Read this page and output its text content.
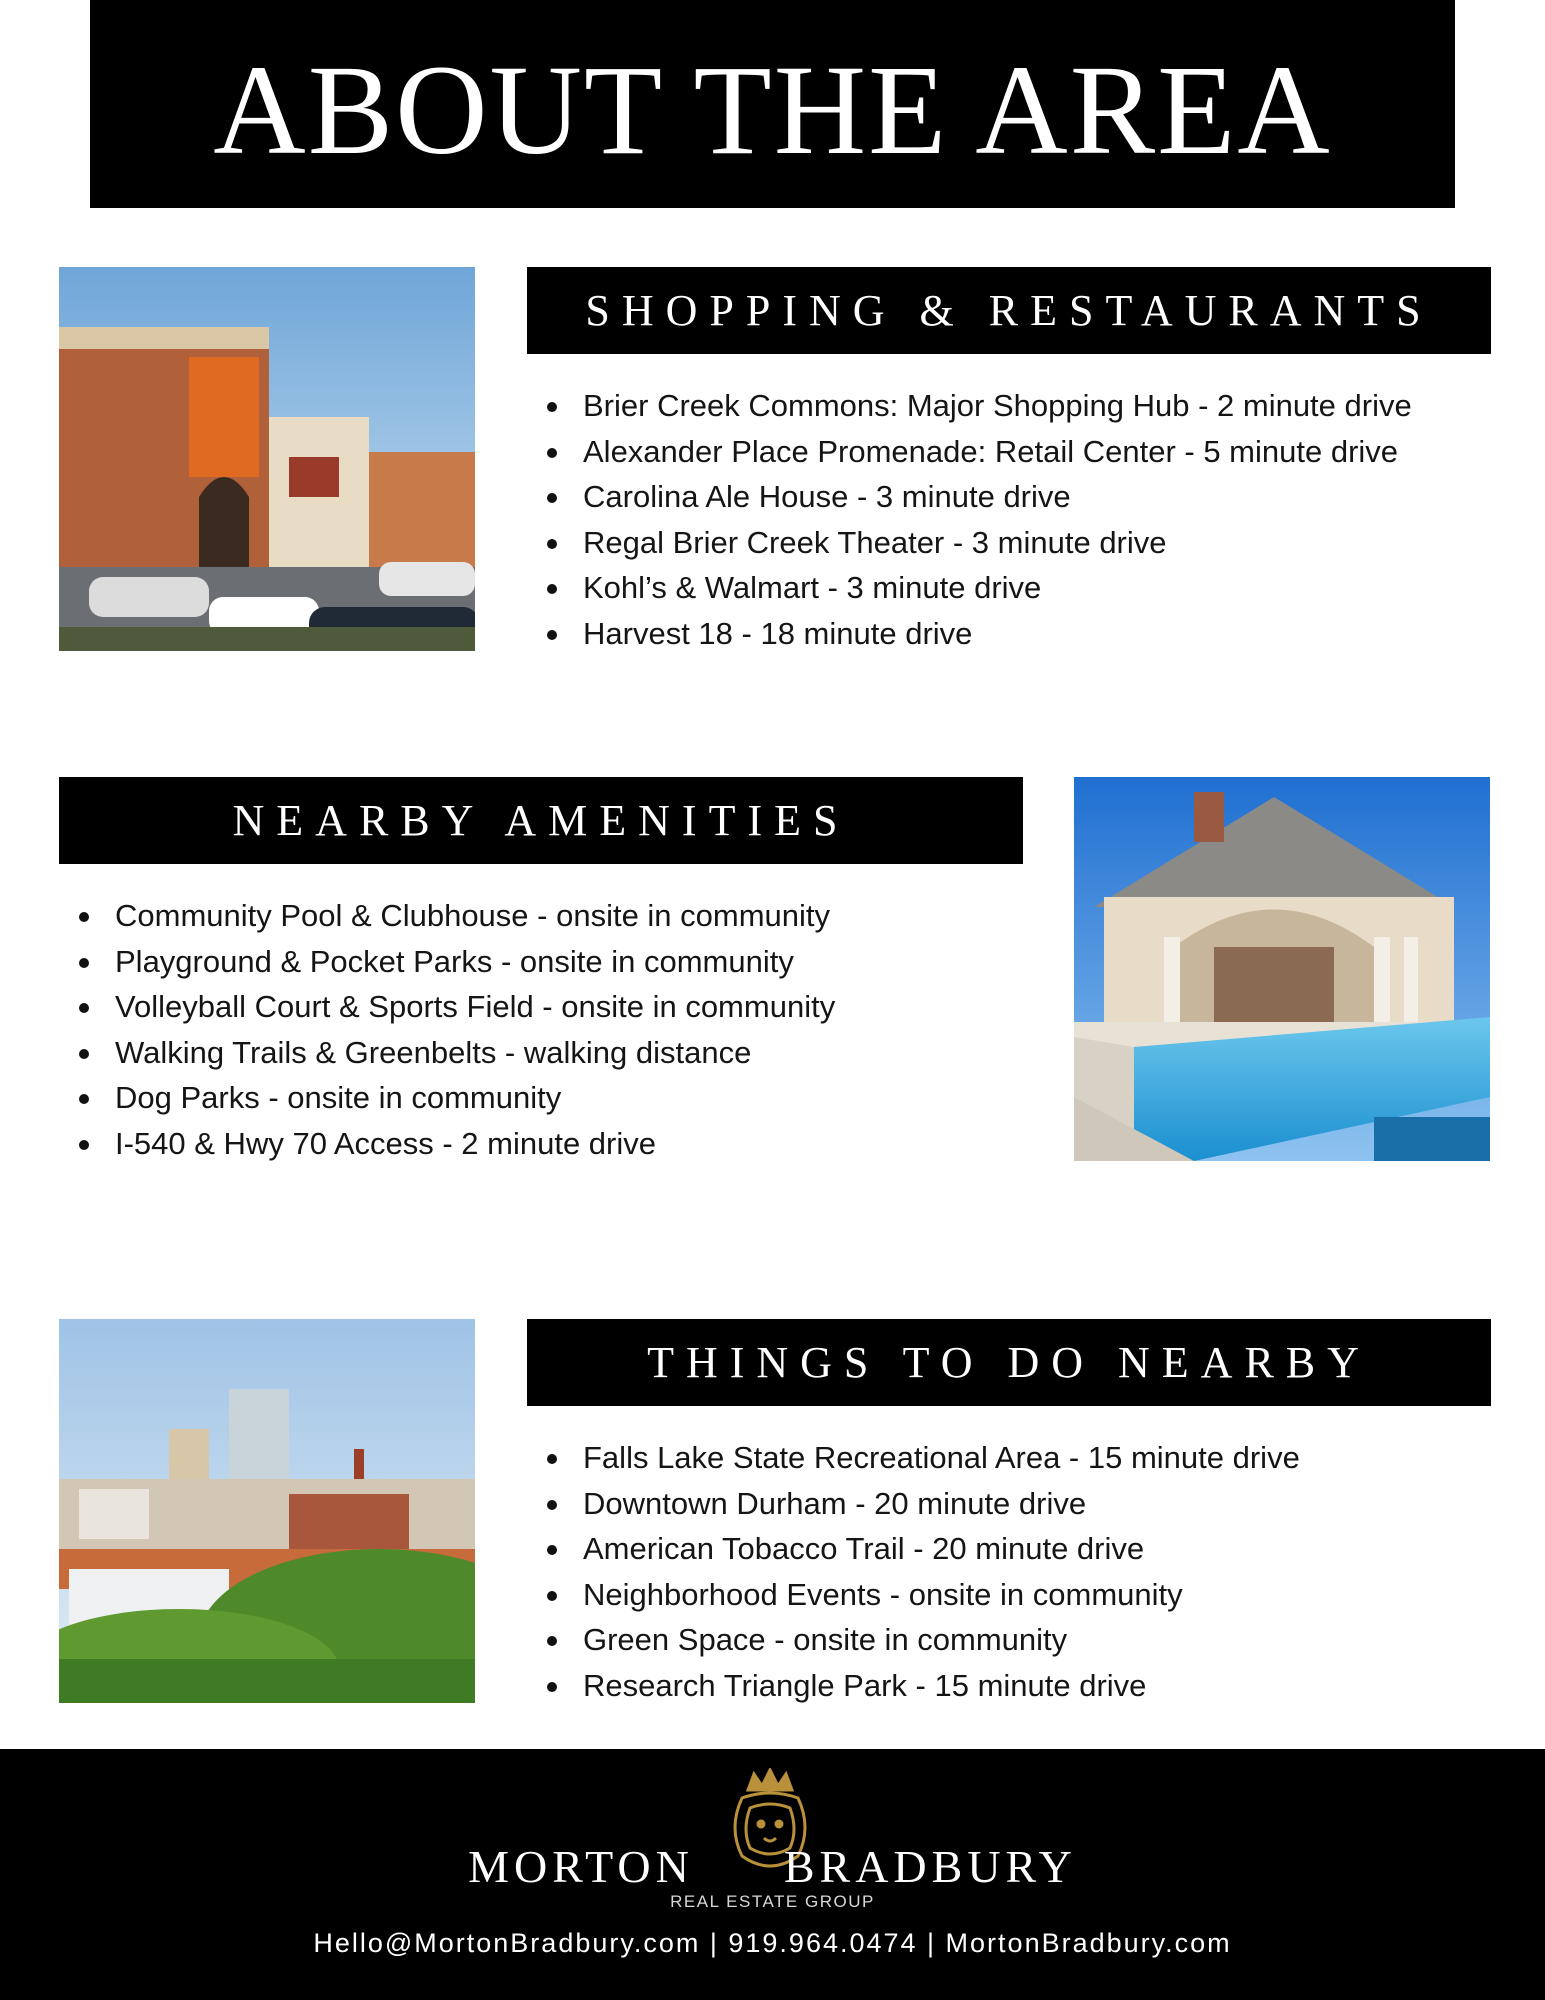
ABOUT THE AREA
SHOPPING & RESTAURANTS
Brier Creek Commons: Major Shopping Hub - 2 minute drive
Alexander Place Promenade: Retail Center - 5 minute drive
Carolina Ale House - 3 minute drive
Regal Brier Creek Theater - 3 minute drive
Kohl’s & Walmart - 3 minute drive
Harvest 18 - 18 minute drive
NEARBY AMENITIES
Community Pool & Clubhouse - onsite in community
Playground & Pocket Parks - onsite in community
Volleyball Court & Sports Field - onsite in community
Walking Trails & Greenbelts - walking distance
Dog Parks - onsite in community
I-540 & Hwy 70 Access - 2 minute drive
THINGS TO DO NEARBY
Falls Lake State Recreational Area - 15 minute drive
Downtown Durham - 20 minute drive
American Tobacco Trail - 20 minute drive
Neighborhood Events - onsite in community
Green Space - onsite in community
Research Triangle Park - 15 minute drive
MORTON BRADBURY
REAL ESTATE GROUP
Hello@MortonBradbury.com | 919.964.0474 | MortonBradbury.com
